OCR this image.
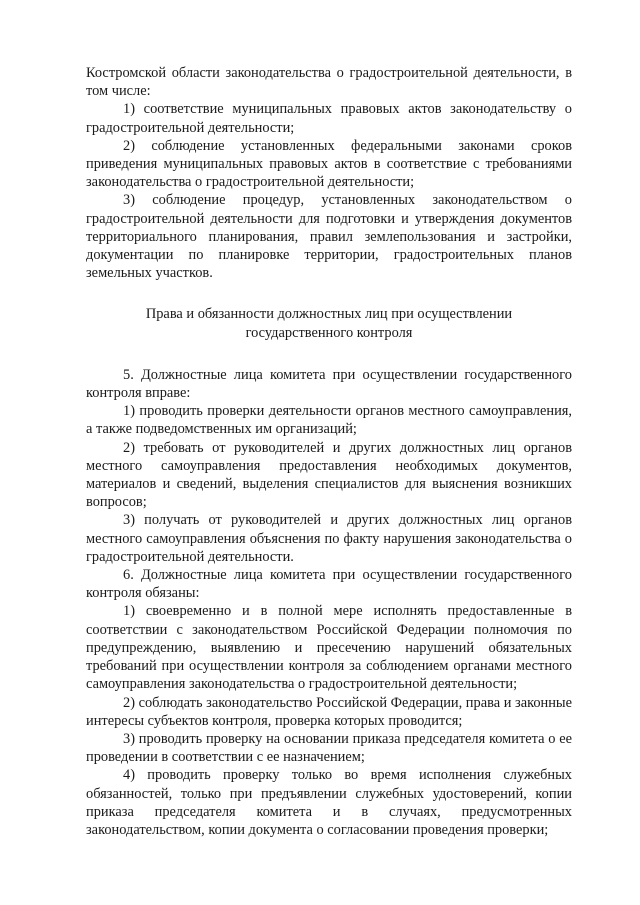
Костромской области законодательства о градостроительной деятельности, в том числе:

1) соответствие муниципальных правовых актов законодательству о градостроительной деятельности;

2) соблюдение установленных федеральными законами сроков приведения муниципальных правовых актов в соответствие с требованиями законодательства о градостроительной деятельности;

3) соблюдение процедур, установленных законодательством о градостроительной деятельности для подготовки и утверждения документов территориального планирования, правил землепользования и застройки, документации по планировке территории, градостроительных планов земельных участков.

Права и обязанности должностных лиц при осуществлении государственного контроля

5. Должностные лица комитета при осуществлении государственного контроля вправе:

1) проводить проверки деятельности органов местного самоуправления, а также подведомственных им организаций;

2) требовать от руководителей и других должностных лиц органов местного самоуправления предоставления необходимых документов, материалов и сведений, выделения специалистов для выяснения возникших вопросов;

3) получать от руководителей и других должностных лиц органов местного самоуправления объяснения по факту нарушения законодательства о градостроительной деятельности.

6. Должностные лица комитета при осуществлении государственного контроля обязаны:

1) своевременно и в полной мере исполнять предоставленные в соответствии с законодательством Российской Федерации полномочия по предупреждению, выявлению и пресечению нарушений обязательных требований при осуществлении контроля за соблюдением органами местного самоуправления законодательства о градостроительной деятельности;

2) соблюдать законодательство Российской Федерации, права и законные интересы субъектов контроля, проверка которых проводится;

3) проводить проверку на основании приказа председателя комитета о ее проведении в соответствии с ее назначением;

4) проводить проверку только во время исполнения служебных обязанностей, только при предъявлении служебных удостоверений, копии приказа председателя комитета и в случаях, предусмотренных законодательством, копии документа о согласовании проведения проверки;
